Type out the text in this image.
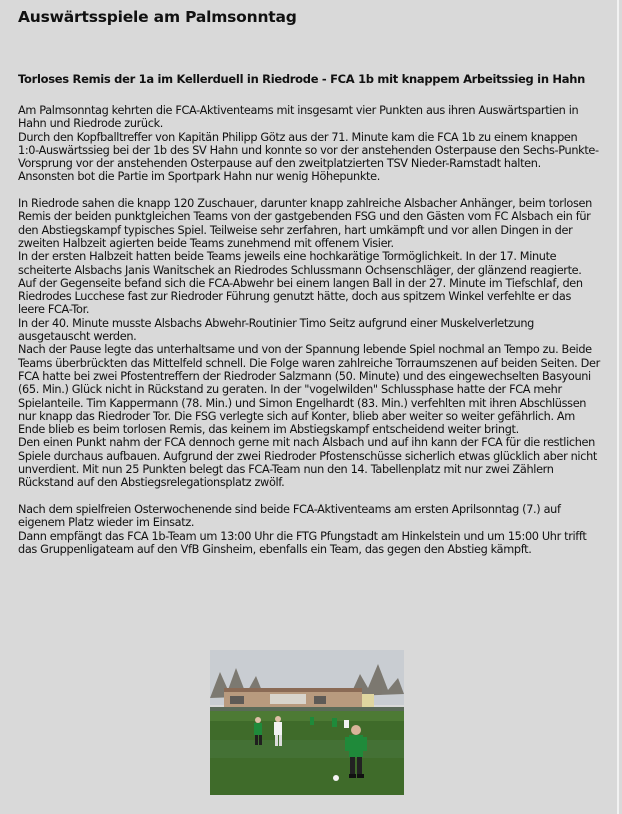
Auswärtsspiele am Palmsonntag
Torloses Remis der 1a im Kellerduell in Riedrode - FCA 1b mit knappem Arbeitssieg in Hahn

Am Palmsonntag kehrten die FCA-Aktiventeams mit insgesamt vier Punkten aus ihren Auswärtspartien in Hahn und Riedrode zurück.

Durch den Kopfballtreffer von Kapitän Philipp Götz aus der 71. Minute kam die FCA 1b zu einem knappen 1:0-Auswärtssieg bei der 1b des SV Hahn und konnte so vor der anstehenden Osterpause den Sechs-Punkte-Vorsprung vor der anstehenden Osterpause auf den zweitplatzierten TSV Nieder-Ramstadt halten. Ansonsten bot die Partie im Sportpark Hahn nur wenig Höhepunkte.

In Riedrode sahen die knapp 120 Zuschauer, darunter knapp zahlreiche Alsbacher Anhänger, beim torlosen Remis der beiden punktgleichen Teams von der gastgebenden FSG und den Gästen vom FC Alsbach ein für den Abstiegskampf typisches Spiel. Teilweise sehr zerfahren, hart umkämpft und vor allen Dingen in der zweiten Halbzeit agierten beide Teams zunehmend mit offenem Visier.

In der ersten Halbzeit hatten beide Teams jeweils eine hochkarätige Tormöglichkeit. In der 17. Minute scheiterte Alsbachs Janis Wanitschek an Riedrodes Schlussmann Ochsenschläger, der glänzend reagierte. Auf der Gegenseite befand sich die FCA-Abwehr bei einem langen Ball in der 27. Minute im Tiefschlaf, den Riedrodes Lucchese fast zur Riedroder Führung genutzt hätte, doch aus spitzem Winkel verfehlte er das leere FCA-Tor.

In der 40. Minute musste Alsbachs Abwehr-Routinier Timo Seitz aufgrund einer Muskelverletzung ausgetauscht werden.

Nach der Pause legte das unterhaltsame und von der Spannung lebende Spiel nochmal an Tempo zu. Beide Teams überbrückten das Mittelfeld schnell. Die Folge waren zahlreiche Torraumszenen auf beiden Seiten. Der FCA hatte bei zwei Pfostentreffern der Riedroder Salzmann (50. Minute) und des eingewechselten Basyouni (65. Min.) Glück nicht in Rückstand zu geraten. In der "vogelwilden" Schlussphase hatte der FCA mehr Spielanteile. Tim Kappermann (78. Min.) und Simon Engelhardt (83. Min.) verfehlten mit ihren Abschlüssen nur knapp das Riedroder Tor. Die FSG verlegte sich auf Konter, blieb aber weiter so weiter gefährlich. Am Ende blieb es beim torlosen Remis, das keinem im Abstiegskampf entscheidend weiter bringt.

Den einen Punkt nahm der FCA dennoch gerne mit nach Alsbach und auf ihn kann der FCA für die restlichen Spiele durchaus aufbauen. Aufgrund der zwei Riedroder Pfostenschüsse sicherlich etwas glücklich aber nicht unverdient. Mit nun 25 Punkten belegt das FCA-Team nun den 14. Tabellenplatz mit nur zwei Zählern Rückstand auf den Abstiegsrelegationsplatz zwölf.

Nach dem spielfreien Osterwochenende sind beide FCA-Aktiventeams am ersten Aprilsonntag (7.) auf eigenem Platz wieder im Einsatz.

Dann empfängt das FCA 1b-Team um 13:00 Uhr die FTG Pfungstadt am Hinkelstein und um 15:00 Uhr trifft das Gruppenligateam auf den VfB Ginsheim, ebenfalls ein Team, das gegen den Abstieg kämpft.
